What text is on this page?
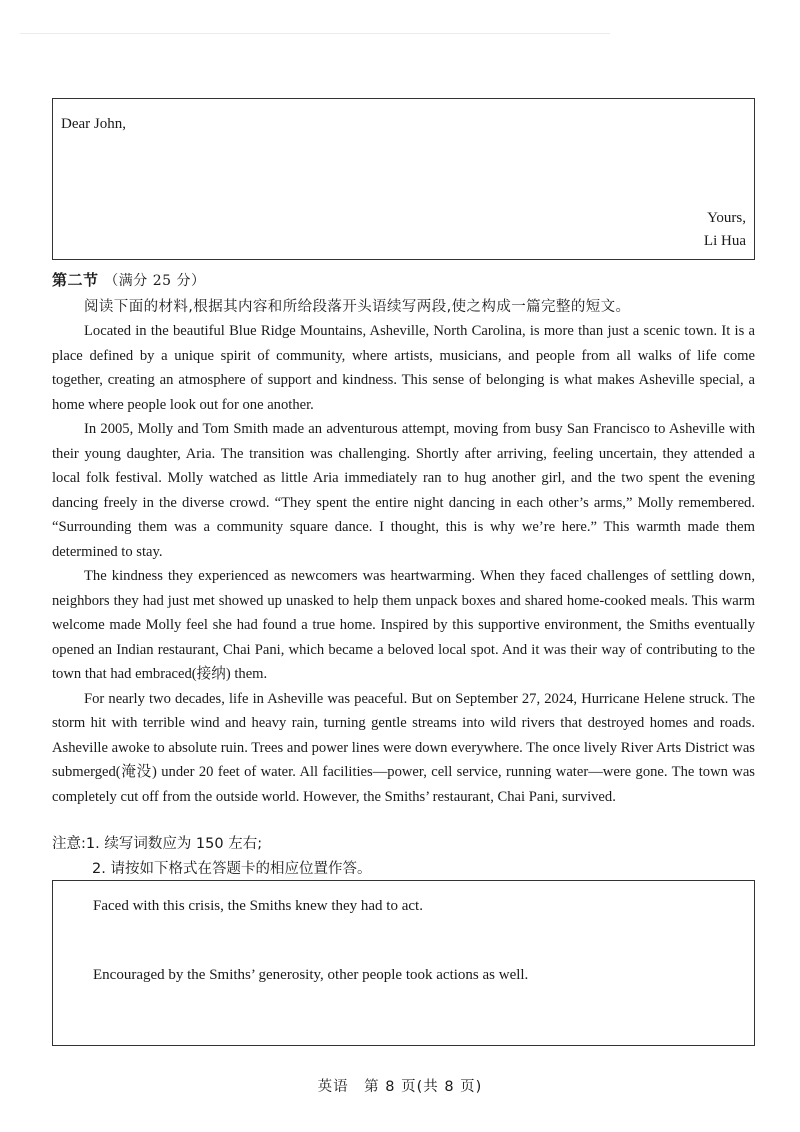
Dear John,
Yours,
Li Hua
第二节 （满分 25 分）
阅读下面的材料,根据其内容和所给段落开头语续写两段,使之构成一篇完整的短文。

Located in the beautiful Blue Ridge Mountains, Asheville, North Carolina, is more than just a scenic town. It is a place defined by a unique spirit of community, where artists, musicians, and people from all walks of life come together, creating an atmosphere of support and kindness. This sense of belonging is what makes Asheville special, a home where people look out for one another.

In 2005, Molly and Tom Smith made an adventurous attempt, moving from busy San Francisco to Asheville with their young daughter, Aria. The transition was challenging. Shortly after arriving, feeling uncertain, they attended a local folk festival. Molly watched as little Aria immediately ran to hug another girl, and the two spent the evening dancing freely in the diverse crowd. “They spent the entire night dancing in each other’s arms,” Molly remembered. “Surrounding them was a community square dance. I thought, this is why we’re here.” This warmth made them determined to stay.

The kindness they experienced as newcomers was heartwarming. When they faced challenges of settling down, neighbors they had just met showed up unasked to help them unpack boxes and shared home-cooked meals. This warm welcome made Molly feel she had found a true home. Inspired by this supportive environment, the Smiths eventually opened an Indian restaurant, Chai Pani, which became a beloved local spot. And it was their way of contributing to the town that had embraced(接纳) them.

For nearly two decades, life in Asheville was peaceful. But on September 27, 2024, Hurricane Helene struck. The storm hit with terrible wind and heavy rain, turning gentle streams into wild rivers that destroyed homes and roads. Asheville awoke to absolute ruin. Trees and power lines were down everywhere. The once lively River Arts District was submerged(淹没) under 20 feet of water. All facilities—power, cell service, running water—were gone. The town was completely cut off from the outside world. However, the Smiths’ restaurant, Chai Pani, survived.

注意:1. 续写词数应为 150 左右;
2. 请按如下格式在答题卡的相应位置作答。
Faced with this crisis, the Smiths knew they had to act.
Encouraged by the Smiths’ generosity, other people took actions as well.
英语　第 8 页(共 8 页)
